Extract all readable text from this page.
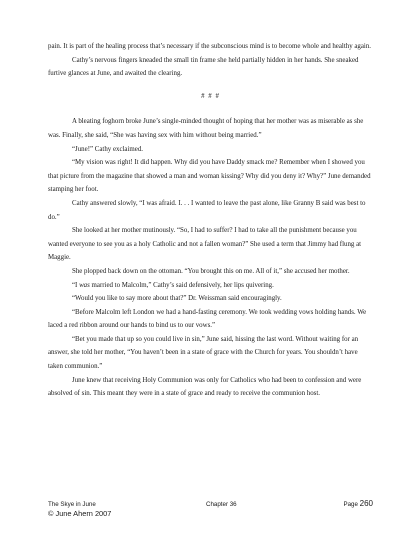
pain. It is part of the healing process that’s necessary if the subconscious mind is to become whole and healthy again.

Cathy’s nervous fingers kneaded the small tin frame she held partially hidden in her hands. She sneaked furtive glances at June, and awaited the clearing.

# # #

A bleating foghorn broke June’s single-minded thought of hoping that her mother was as miserable as she was. Finally, she said, “She was having sex with him without being married.”

“June!” Cathy exclaimed.

“My vision was right! It did happen. Why did you have Daddy smack me? Remember when I showed you that picture from the magazine that showed a man and woman kissing? Why did you deny it? Why?” June demanded stamping her foot.

Cathy answered slowly, “I was afraid. I. . . I wanted to leave the past alone, like Granny B said was best to do.”

She looked at her mother mutinously. “So, I had to suffer? I had to take all the punishment because you wanted everyone to see you as a holy Catholic and not a fallen woman?” She used a term that Jimmy had flung at Maggie.

She plopped back down on the ottoman. “You brought this on me. All of it,” she accused her mother.

“I was married to Malcolm,” Cathy’s said defensively, her lips quivering.

“Would you like to say more about that?” Dr. Weissman said encouragingly.

“Before Malcolm left London we had a hand-fasting ceremony. We took wedding vows holding hands. We laced a red ribbon around our hands to bind us to our vows.”

“Bet you made that up so you could live in sin,” June said, hissing the last word. Without waiting for an answer, she told her mother, “You haven’t been in a state of grace with the Church for years. You shouldn’t have taken communion.”

June knew that receiving Holy Communion was only for Catholics who had been to confession and were absolved of sin. This meant they were in a state of grace and ready to receive the communion host.

The Skye in June	Chapter 36	Page 260
© June Ahern 2007
